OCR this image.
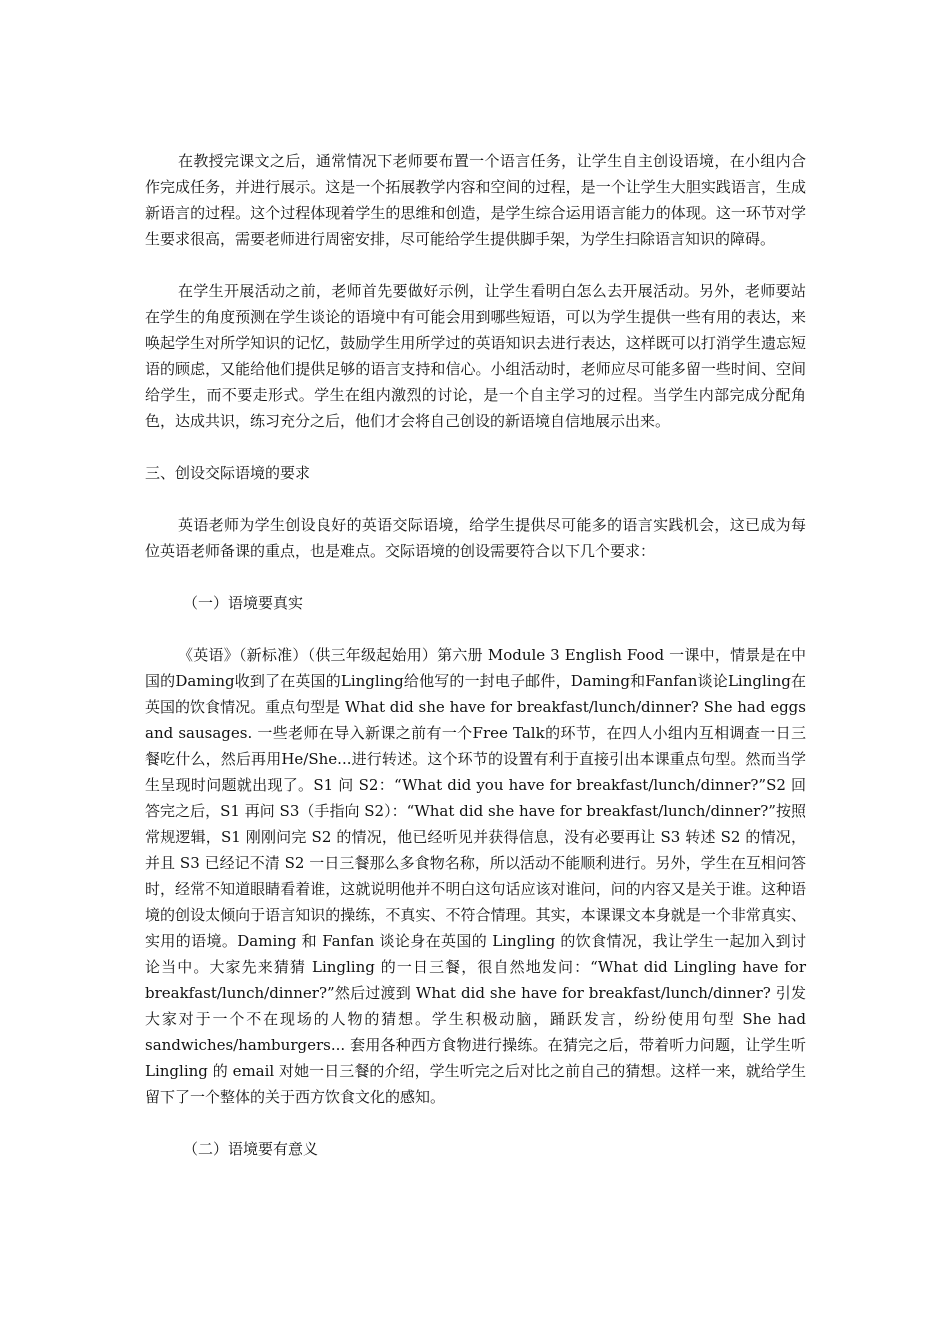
在教授完课文之后，通常情况下老师要布置一个语言任务，让学生自主创设语境，在小组内合作完成任务，并进行展示。这是一个拓展教学内容和空间的过程，是一个让学生大胆实践语言，生成新语言的过程。这个过程体现着学生的思维和创造，是学生综合运用语言能力的体现。这一环节对学生要求很高，需要老师进行周密安排，尽可能给学生提供脚手架，为学生扫除语言知识的障碍。

在学生开展活动之前，老师首先要做好示例，让学生看明白怎么去开展活动。另外，老师要站在学生的角度预测在学生谈论的语境中有可能会用到哪些短语，可以为学生提供一些有用的表达，来唤起学生对所学知识的记忆，鼓励学生用所学过的英语知识去进行表达，这样既可以打消学生遗忘短语的顾虑，又能给他们提供足够的语言支持和信心。小组活动时，老师应尽可能多留一些时间、空间给学生，而不要走形式。学生在组内激烈的讨论，是一个自主学习的过程。当学生内部完成分配角色，达成共识，练习充分之后，他们才会将自己创设的新语境自信地展示出来。

三、创设交际语境的要求

英语老师为学生创设良好的英语交际语境，给学生提供尽可能多的语言实践机会，这已成为每位英语老师备课的重点，也是难点。交际语境的创设需要符合以下几个要求：

（一）语境要真实

《英语》（新标准）（供三年级起始用）第六册 Module 3 English Food 一课中，情景是在中国的Daming收到了在英国的Lingling给他写的一封电子邮件，Daming和Fanfan谈论Lingling在英国的饮食情况。重点句型是 What did she have for breakfast/lunch/dinner? She had eggs and sausages. 一些老师在导入新课之前有一个Free Talk的环节，在四人小组内互相调查一日三餐吃什么，然后再用He/She...进行转述。这个环节的设置有利于直接引出本课重点句型。然而当学生呈现时问题就出现了。S1 问 S2：“What did you have for breakfast/lunch/dinner?”S2 回答完之后，S1 再问 S3（手指向 S2）：“What did she have for breakfast/lunch/dinner?”按照常规逻辑，S1 刚刚问完 S2 的情况，他已经听见并获得信息，没有必要再让 S3 转述 S2 的情况，并且 S3 已经记不清 S2 一日三餐那么多食物名称，所以活动不能顺利进行。另外，学生在互相问答时，经常不知道眼睛看着谁，这就说明他并不明白这句话应该对谁问，问的内容又是关于谁。这种语境的创设太倾向于语言知识的操练，不真实、不符合情理。其实，本课课文本身就是一个非常真实、实用的语境。Daming 和 Fanfan 谈论身在英国的 Lingling 的饮食情况，我让学生一起加入到讨论当中。大家先来猜猜 Lingling 的一日三餐，很自然地发问：“What did Lingling have for breakfast/lunch/dinner?”然后过渡到 What did she have for breakfast/lunch/dinner? 引发大家对于一个不在现场的人物的猜想。学生积极动脑，踊跃发言，纷纷使用句型 She had sandwiches/hamburgers... 套用各种西方食物进行操练。在猜完之后，带着听力问题，让学生听 Lingling 的 email 对她一日三餐的介绍，学生听完之后对比之前自己的猜想。这样一来，就给学生留下了一个整体的关于西方饮食文化的感知。

（二）语境要有意义
